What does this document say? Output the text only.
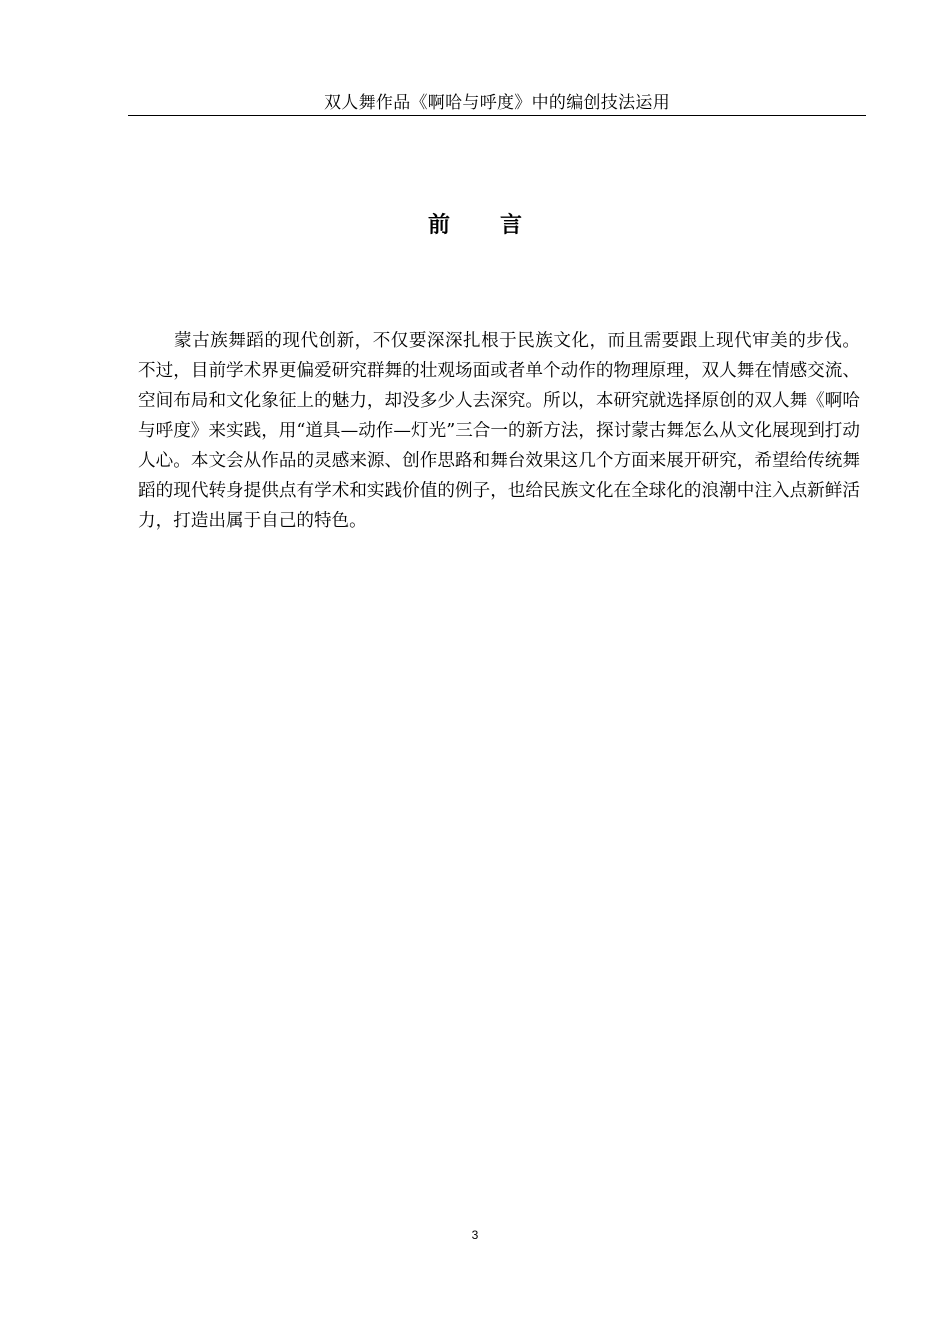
双人舞作品《啊哈与呼度》中的编创技法运用
前言

蒙古族舞蹈的现代创新，不仅要深深扎根于民族文化，而且需要跟上现代审美的步伐。不过，目前学术界更偏爱研究群舞的壮观场面或者单个动作的物理原理，双人舞在情感交流、空间布局和文化象征上的魅力，却没多少人去深究。所以，本研究就选择原创的双人舞《啊哈与呼度》来实践，用“道具—动作—灯光”三合一的新方法，探讨蒙古舞怎么从文化展现到打动人心。本文会从作品的灵感来源、创作思路和舞台效果这几个方面来展开研究，希望给传统舞蹈的现代转身提供点有学术和实践价值的例子，也给民族文化在全球化的浪潮中注入点新鲜活力，打造出属于自己的特色。

3
